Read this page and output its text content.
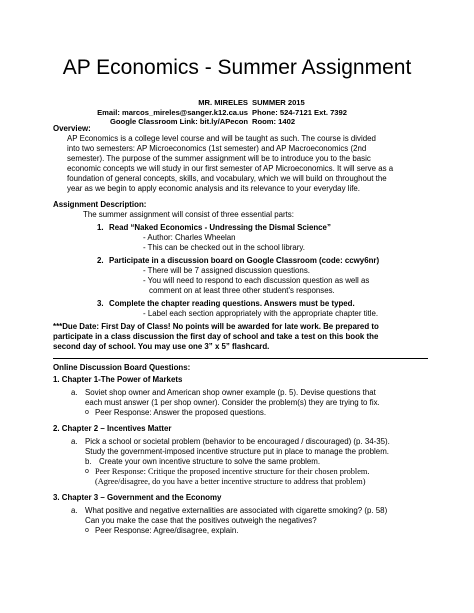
AP Economics - Summer Assignment
MR. MIRELES
Email: marcos_mireles@sanger.k12.ca.us
Google Classroom Link: bit.ly/APecon
SUMMER 2015
Phone: 524-7121 Ext. 7392
Room: 1402
Overview:
AP Economics is a college level course and will be taught as such. The course is divided
into two semesters: AP Microeconomics (1st semester) and AP Macroeconomics (2nd
semester). The purpose of the summer assignment will be to introduce you to the basic
economic concepts we will study in our first semester of AP Microeconomics. It will serve as a
foundation of general concepts, skills, and vocabulary, which we will build on throughout the
year as we begin to apply economic analysis and its relevance to your everyday life.
Assignment Description:
The summer assignment will consist of three essential parts:
1. Read “Naked Economics - Undressing the Dismal Science”
- Author: Charles Wheelan
- This can be checked out in the school library.
2. Participate in a discussion board on Google Classroom (code: ccwy6nr)
- There will be 7 assigned discussion questions.
- You will need to respond to each discussion question as well as
comment on at least three other student's responses.
3. Complete the chapter reading questions. Answers must be typed.
- Label each section appropriately with the appropriate chapter title.
***Due Date: First Day of Class! No points will be awarded for late work. Be prepared to
participate in a class discussion the first day of school and take a test on this book the
second day of school. You may use one 3” x 5” flashcard.
Online Discussion Board Questions:
1. Chapter 1-The Power of Markets
a. Soviet shop owner and American shop owner example (p. 5). Devise questions that
each must answer (1 per shop owner). Consider the problem(s) they are trying to fix.
o Peer Response: Answer the proposed questions.
2. Chapter 2 – Incentives Matter
a. Pick a school or societal problem (behavior to be encouraged / discouraged) (p. 34-35).
Study the government-imposed incentive structure put in place to manage the problem.
b. Create your own incentive structure to solve the same problem.
o Peer Response: Critique the proposed incentive structure for their chosen problem.
(Agree/disagree, do you have a better incentive structure to address that problem)
3. Chapter 3 – Government and the Economy
a. What positive and negative externalities are associated with cigarette smoking? (p. 58)
Can you make the case that the positives outweigh the negatives?
o Peer Response: Agree/disagree, explain.
